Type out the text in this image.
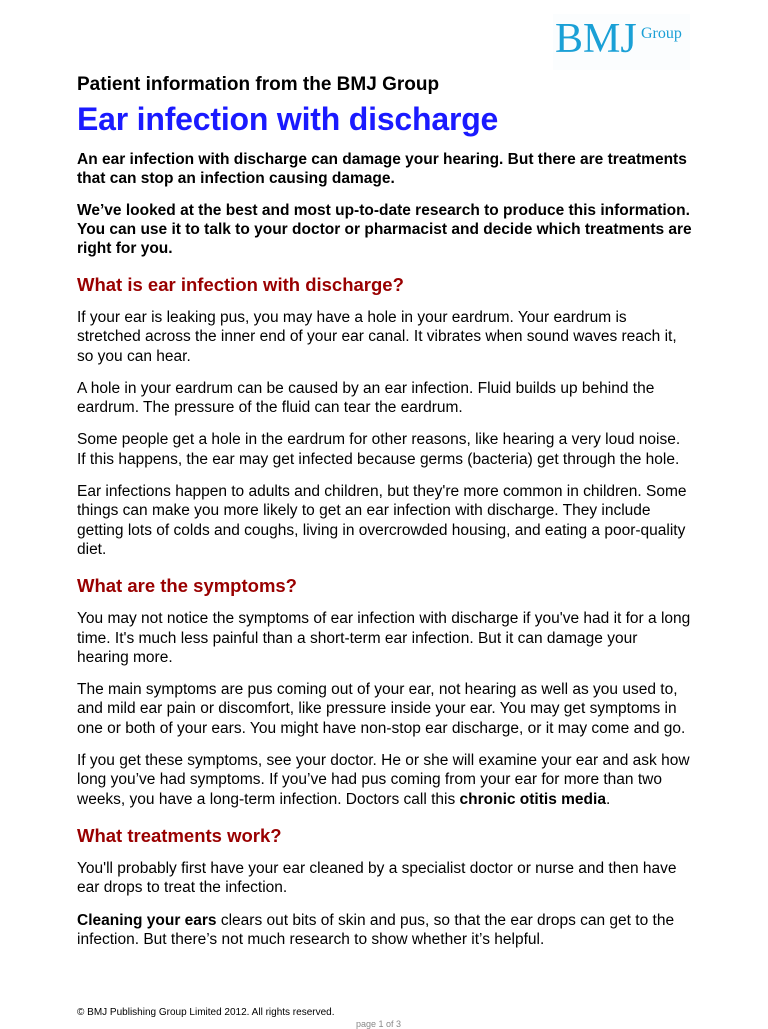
BMJ Group

Patient information from the BMJ Group

Ear infection with discharge

An ear infection with discharge can damage your hearing. But there are treatments that can stop an infection causing damage.

We’ve looked at the best and most up-to-date research to produce this information. You can use it to talk to your doctor or pharmacist and decide which treatments are right for you.

What is ear infection with discharge?

If your ear is leaking pus, you may have a hole in your eardrum. Your eardrum is stretched across the inner end of your ear canal. It vibrates when sound waves reach it, so you can hear.

A hole in your eardrum can be caused by an ear infection. Fluid builds up behind the eardrum. The pressure of the fluid can tear the eardrum.

Some people get a hole in the eardrum for other reasons, like hearing a very loud noise. If this happens, the ear may get infected because germs (bacteria) get through the hole.

Ear infections happen to adults and children, but they're more common in children. Some things can make you more likely to get an ear infection with discharge. They include getting lots of colds and coughs, living in overcrowded housing, and eating a poor-quality diet.

What are the symptoms?

You may not notice the symptoms of ear infection with discharge if you've had it for a long time. It's much less painful than a short-term ear infection. But it can damage your hearing more.

The main symptoms are pus coming out of your ear, not hearing as well as you used to, and mild ear pain or discomfort, like pressure inside your ear. You may get symptoms in one or both of your ears. You might have non-stop ear discharge, or it may come and go.

If you get these symptoms, see your doctor. He or she will examine your ear and ask how long you’ve had symptoms. If you’ve had pus coming from your ear for more than two weeks, you have a long-term infection. Doctors call this chronic otitis media.

What treatments work?

You'll probably first have your ear cleaned by a specialist doctor or nurse and then have ear drops to treat the infection.

Cleaning your ears clears out bits of skin and pus, so that the ear drops can get to the infection. But there’s not much research to show whether it’s helpful.

© BMJ Publishing Group Limited 2012. All rights reserved.
page 1 of 3
